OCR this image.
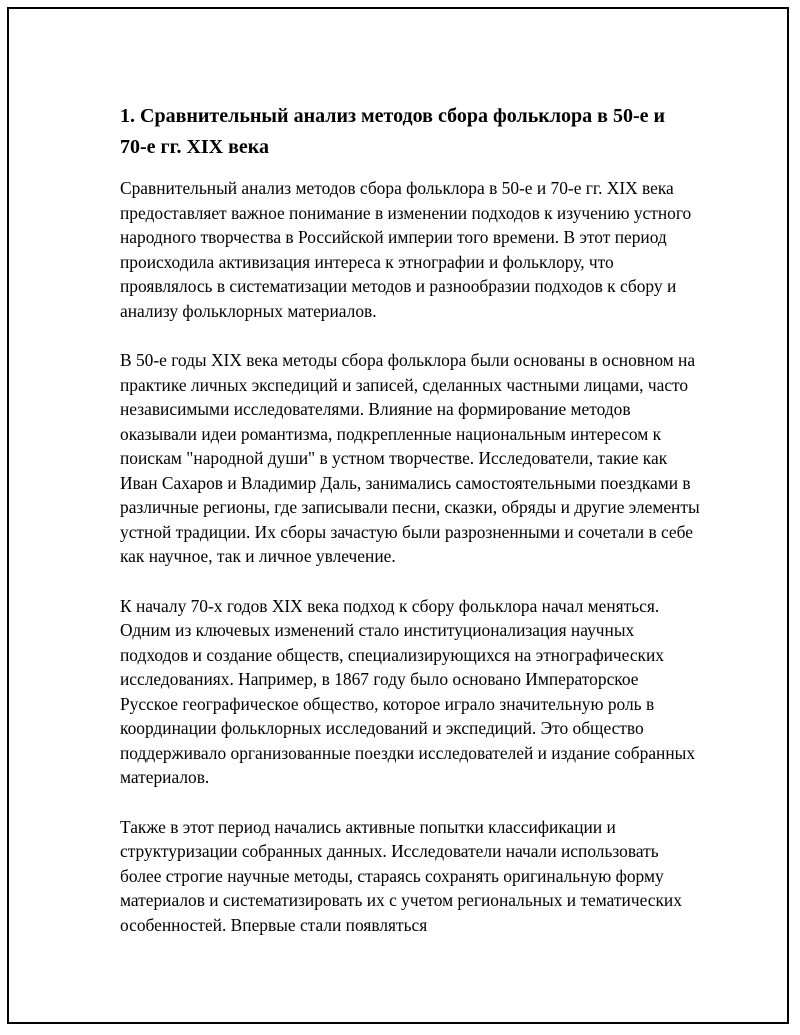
1. Сравнительный анализ методов сбора фольклора в 50-е и 70-е гг. XIX века

Сравнительный анализ методов сбора фольклора в 50-е и 70-е гг. XIX века предоставляет важное понимание в изменении подходов к изучению устного народного творчества в Российской империи того времени. В этот период происходила активизация интереса к этнографии и фольклору, что проявлялось в систематизации методов и разнообразии подходов к сбору и анализу фольклорных материалов.

В 50-е годы XIX века методы сбора фольклора были основаны в основном на практике личных экспедиций и записей, сделанных частными лицами, часто независимыми исследователями. Влияние на формирование методов оказывали идеи романтизма, подкрепленные национальным интересом к поискам "народной души" в устном творчестве. Исследователи, такие как Иван Сахаров и Владимир Даль, занимались самостоятельными поездками в различные регионы, где записывали песни, сказки, обряды и другие элементы устной традиции. Их сборы зачастую были разрозненными и сочетали в себе как научное, так и личное увлечение.

К началу 70-х годов XIX века подход к сбору фольклора начал меняться. Одним из ключевых изменений стало институционализация научных подходов и создание обществ, специализирующихся на этнографических исследованиях. Например, в 1867 году было основано Императорское Русское географическое общество, которое играло значительную роль в координации фольклорных исследований и экспедиций. Это общество поддерживало организованные поездки исследователей и издание собранных материалов.

Также в этот период начались активные попытки классификации и структуризации собранных данных. Исследователи начали использовать более строгие научные методы, стараясь сохранять оригинальную форму материалов и систематизировать их с учетом региональных и тематических особенностей. Впервые стали появляться
